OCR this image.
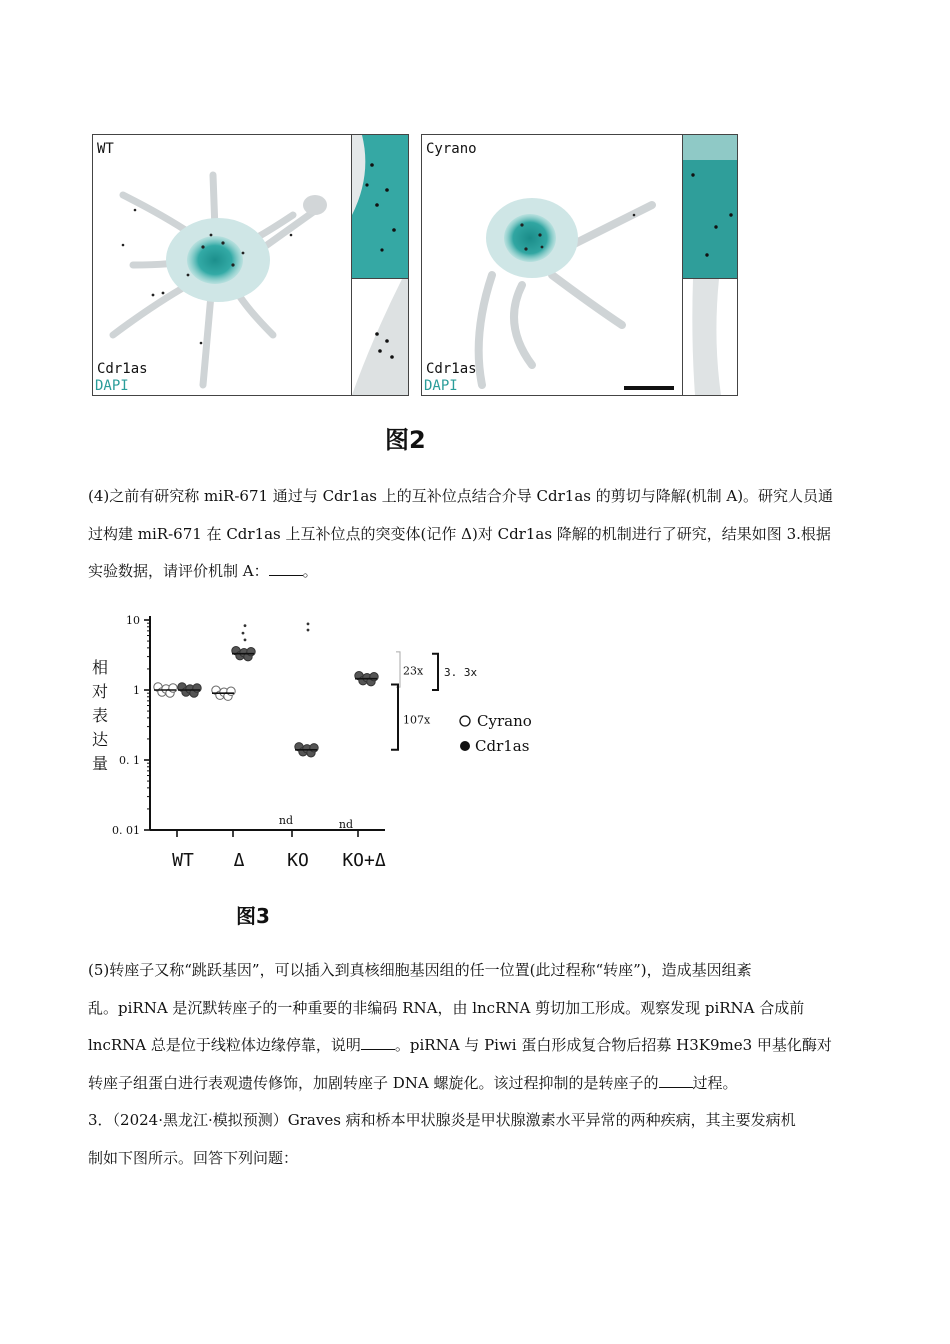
WT
Cdr1as
DAPI
Cyrano
Cdr1as
DAPI
图2

(4)之前有研究称 miR-671 通过与 Cdr1as 上的互补位点结合介导 Cdr1as 的剪切与降解(机制 A)。研究人员通

过构建 miR-671 在 Cdr1as 上互补位点的突变体(记作 Δ)对 Cdr1as 降解的机制进行了研究，结果如图 3.根据

实验数据，请评价机制 A： 。

相
对
表
达
量
10
1
0. 1
0. 01
WT Δ KO KO+Δ
nd	nd
23x 3. 3x
107x	Cyrano
Cdr1as
图3

(5)转座子又称“跳跃基因”，可以插入到真核细胞基因组的任一位置(此过程称“转座”)，造成基因组紊

乱。piRNA 是沉默转座子的一种重要的非编码 RNA，由 lncRNA 剪切加工形成。观察发现 piRNA 合成前

lncRNA 总是位于线粒体边缘停靠，说明 。piRNA 与 Piwi 蛋白形成复合物后招募 H3K9me3 甲基化酶对

转座子组蛋白进行表观遗传修饰，加剧转座子 DNA 螺旋化。该过程抑制的是转座子的 过程。

3．（2024·黑龙江·模拟预测）Graves 病和桥本甲状腺炎是甲状腺激素水平异常的两种疾病，其主要发病机

制如下图所示。回答下列问题：
